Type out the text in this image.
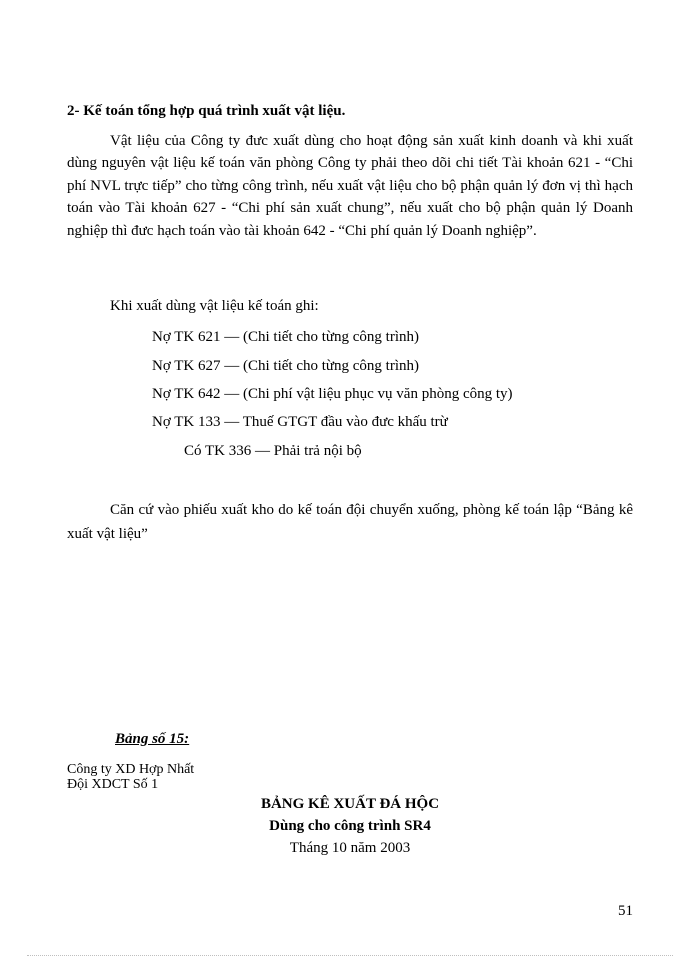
2- Kế toán tổng hợp quá trình xuất vật liệu.

Vật liệu của Công ty đưc xuất dùng cho hoạt động sản xuất kinh doanh và khi xuất dùng nguyên vật liệu kế toán văn phòng Công ty phải theo dõi chi tiết Tài khoản 621 - “Chi phí NVL trực tiếp” cho từng công trình, nếu xuất vật liệu cho bộ phận quản lý đơn vị thì hạch toán vào Tài khoản 627 - “Chi phí sản xuất chung”, nếu xuất cho bộ phận quản lý Doanh nghiệp thì đưc hạch toán vào tài khoản 642 - “Chi phí quản lý Doanh nghiệp”.

Khi xuất dùng vật liệu kế toán ghi:

Nợ TK 621 — (Chi tiết cho từng công trình)

Nợ TK 627 — (Chi tiết cho từng công trình)

Nợ TK 642 — (Chi phí vật liệu phục vụ văn phòng công ty)

Nợ TK 133 — Thuế GTGT đầu vào đưc khấu trừ

Có TK 336 — Phải trả nội bộ

Căn cứ vào phiếu xuất kho do kế toán đội chuyển xuống, phòng kế toán lập “Bảng kê xuất vật liệu”

Bảng số 15:
Công ty XD Hợp Nhất
Đội XDCT Số 1
BẢNG KÊ XUẤT ĐÁ HỘC
Dùng cho công trình SR4
Tháng 10 năm 2003
51
